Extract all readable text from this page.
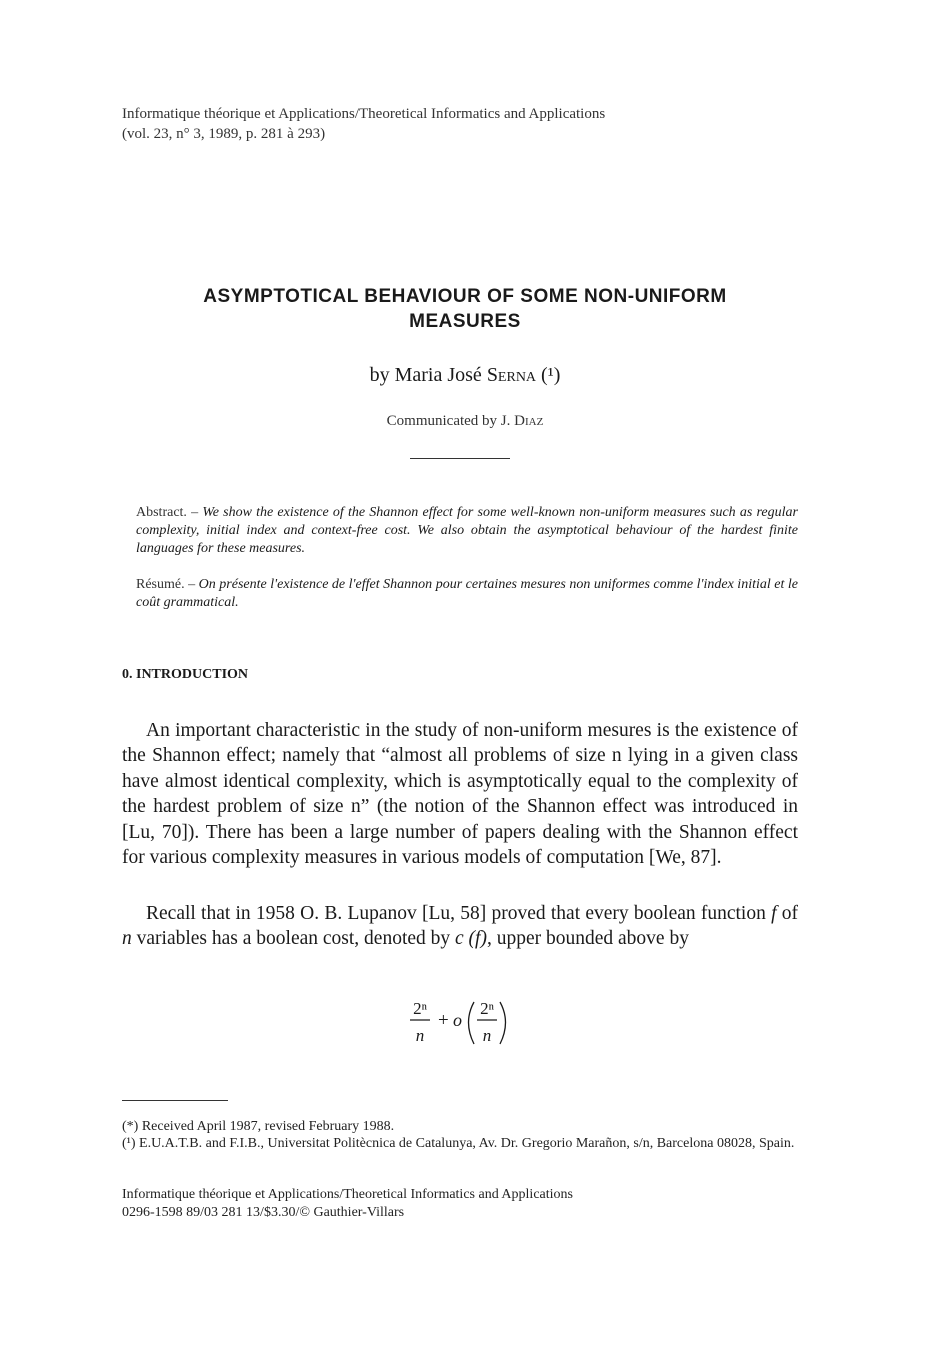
Informatique théorique et Applications/Theoretical Informatics and Applications
(vol. 23, n° 3, 1989, p. 281 à 293)
ASYMPTOTICAL BEHAVIOUR OF SOME NON-UNIFORM
MEASURES
by Maria José Serna (¹)
Communicated by J. Diaz
Abstract. – We show the existence of the Shannon effect for some well-known non-uniform measures such as regular complexity, initial index and context-free cost. We also obtain the asymptotical behaviour of the hardest finite languages for these measures.
Résumé. – On présente l'existence de l'effet Shannon pour certaines mesures non uniformes comme l'index initial et le coût grammatical.
0. INTRODUCTION
An important characteristic in the study of non-uniform mesures is the existence of the Shannon effect; namely that “almost all problems of size n lying in a given class have almost identical complexity, which is asymptotically equal to the complexity of the hardest problem of size n” (the notion of the Shannon effect was introduced in [Lu, 70]). There has been a large number of papers dealing with the Shannon effect for various complexity measures in various models of computation [We, 87].
Recall that in 1958 O. B. Lupanov [Lu, 58] proved that every boolean function f of n variables has a boolean cost, denoted by c (f), upper bounded above by
2ⁿ
n
+ o
2ⁿ
n
(*) Received April 1987, revised February 1988.
(¹) E.U.A.T.B. and F.I.B., Universitat Politècnica de Catalunya, Av. Dr. Gregorio Marañon, s/n, Barcelona 08028, Spain.
Informatique théorique et Applications/Theoretical Informatics and Applications
0296-1598 89/03 281 13/$3.30/© Gauthier-Villars
